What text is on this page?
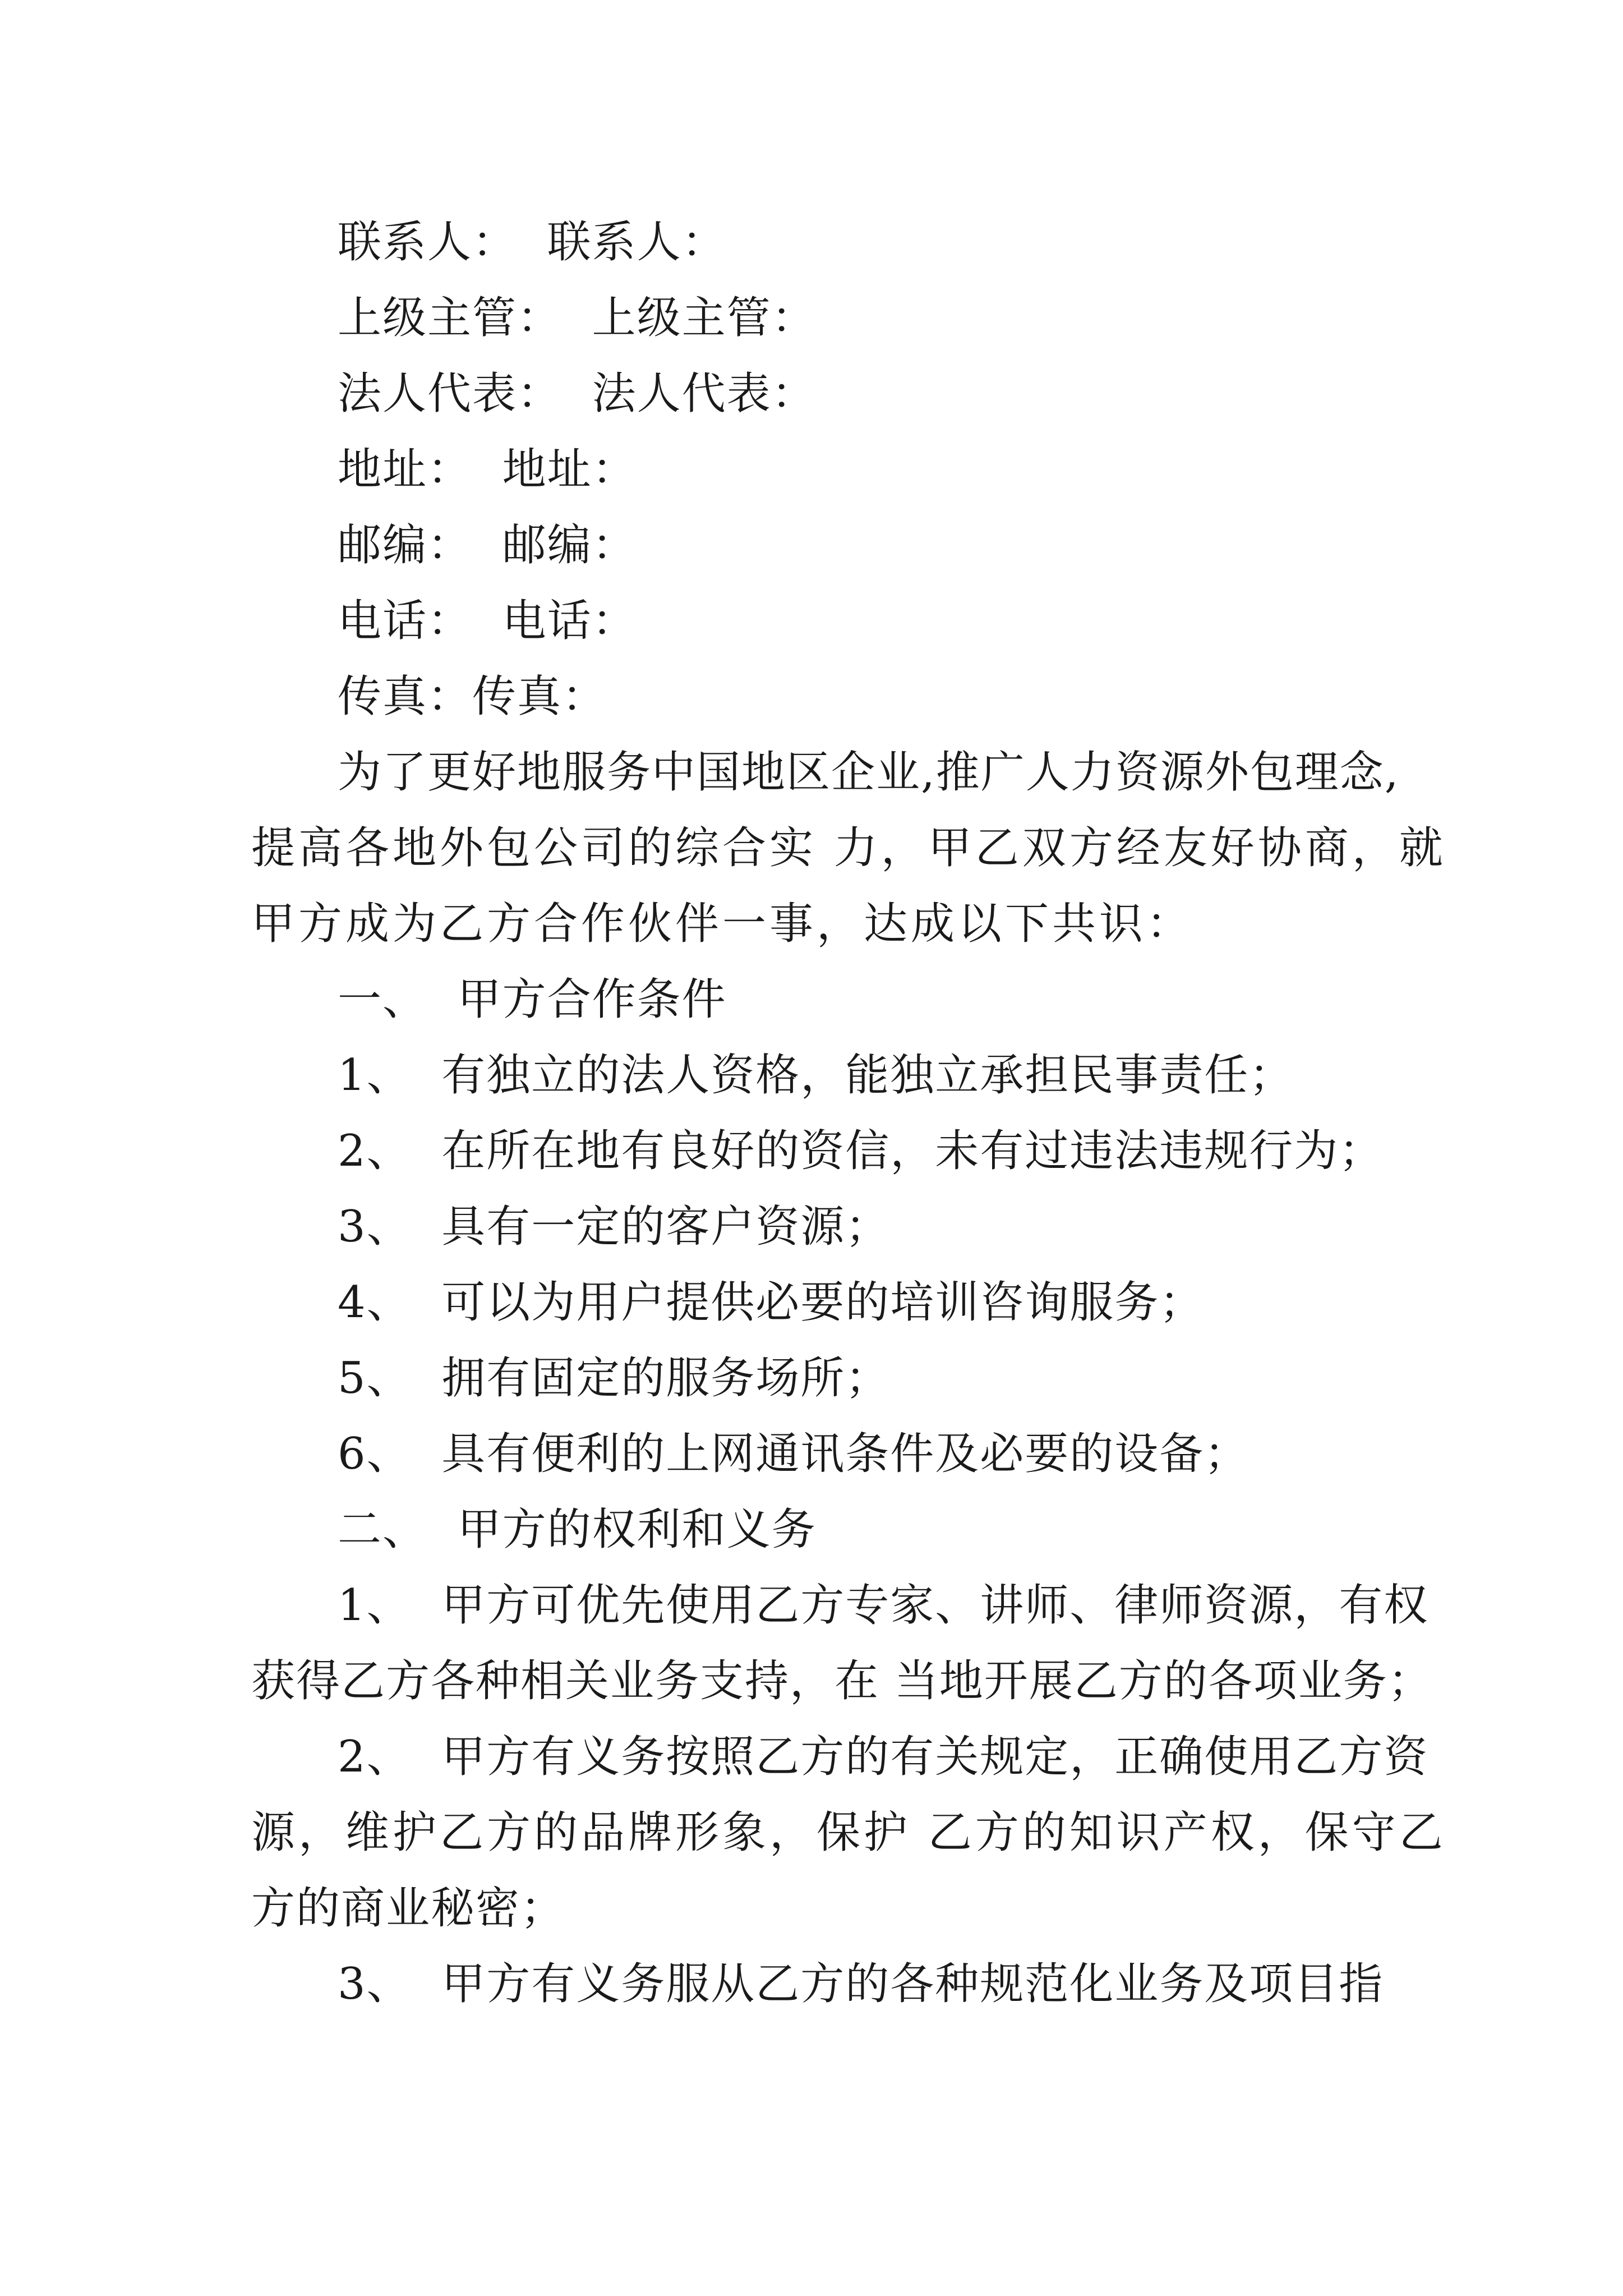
联系人：  联系人：
上级主管：  上级主管：
法人代表：  法人代表：
地址：  地址：
邮编：  邮编：
电话：  电话：
传真：传真：
为了更好地服务中国地区企业,推广人力资源外包理念,
提高各地外包公司的综合实 力，甲乙双方经友好协商，就
甲方成为乙方合作伙伴一事，达成以下共识：
一、  甲方合作条件
1、  有独立的法人资格，能独立承担民事责任；
2、  在所在地有良好的资信，未有过违法违规行为；
3、  具有一定的客户资源；
4、  可以为用户提供必要的培训咨询服务；
5、  拥有固定的服务场所；
6、  具有便利的上网通讯条件及必要的设备；
二、  甲方的权利和义务
1、  甲方可优先使用乙方专家、讲师、律师资源，有权
获得乙方各种相关业务支持，在 当地开展乙方的各项业务；
2、  甲方有义务按照乙方的有关规定，正确使用乙方资
源，维护乙方的品牌形象，保护 乙方的知识产权，保守乙
方的商业秘密；
3、  甲方有义务服从乙方的各种规范化业务及项目指
